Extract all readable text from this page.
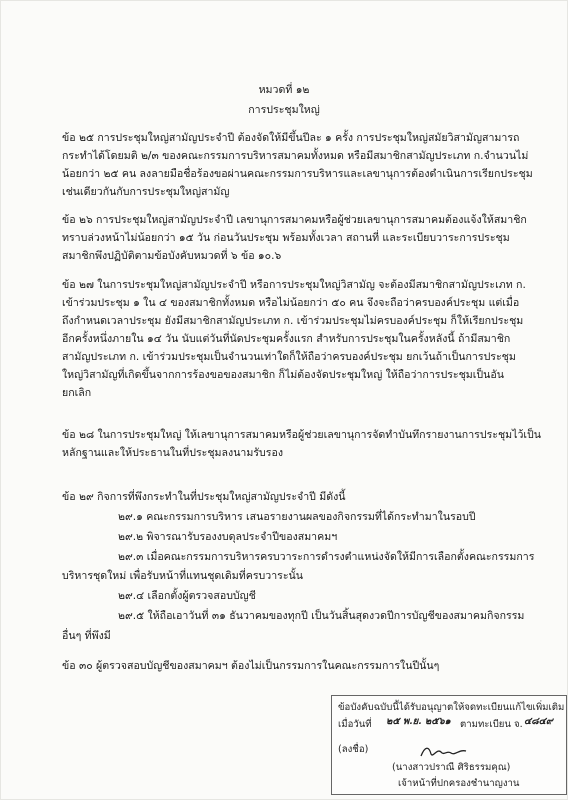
หมวดที่ ๑๒
การประชุมใหญ่
ข้อ ๒๕ การประชุมใหญ่สามัญประจำปี ต้องจัดให้มีขึ้นปีละ ๑ ครั้ง การประชุมใหญ่สมัยวิสามัญสามารถ
กระทำได้โดยมติ ๒/๓ ของคณะกรรมการบริหารสมาคมทั้งหมด หรือมีสมาชิกสามัญประเภท ก.จำนวนไม่
น้อยกว่า ๒๕ คน ลงลายมือชื่อร้องขอผ่านคณะกรรมการบริหารและเลขานุการต้องดำเนินการเรียกประชุม
เช่นเดียวกันกับการประชุมใหญ่สามัญ
ข้อ ๒๖ การประชุมใหญ่สามัญประจำปี เลขานุการสมาคมหรือผู้ช่วยเลขานุการสมาคมต้องแจ้งให้สมาชิก
ทราบล่วงหน้าไม่น้อยกว่า ๑๕ วัน ก่อนวันประชุม พร้อมทั้งเวลา สถานที่ และระเบียบวาระการประชุม
สมาชิกพึงปฏิบัติตามข้อบังคับหมวดที่ ๖ ข้อ ๑๐.๖
ข้อ ๒๗ ในการประชุมใหญ่สามัญประจำปี หรือการประชุมใหญ่วิสามัญ จะต้องมีสมาชิกสามัญประเภท ก.
เข้าร่วมประชุม ๑ ใน ๔ ของสมาชิกทั้งหมด หรือไม่น้อยกว่า ๕๐ คน จึงจะถือว่าครบองค์ประชุม แต่เมื่อ
ถึงกำหนดเวลาประชุม ยังมีสมาชิกสามัญประเภท ก. เข้าร่วมประชุมไม่ครบองค์ประชุม ก็ให้เรียกประชุม
อีกครั้งหนึ่งภายใน ๑๔ วัน นับแต่วันที่นัดประชุมครั้งแรก สำหรับการประชุมในครั้งหลังนี้ ถ้ามีสมาชิก
สามัญประเภท ก. เข้าร่วมประชุมเป็นจำนวนเท่าใดก็ให้ถือว่าครบองค์ประชุม ยกเว้นถ้าเป็นการประชุม
ใหญ่วิสามัญที่เกิดขึ้นจากการร้องขอของสมาชิก ก็ไม่ต้องจัดประชุมใหญ่ ให้ถือว่าการประชุมเป็นอัน
ยกเลิก
ข้อ ๒๘ ในการประชุมใหญ่ ให้เลขานุการสมาคมหรือผู้ช่วยเลขานุการจัดทำบันทึกรายงานการประชุมไว้เป็น
หลักฐานและให้ประธานในที่ประชุมลงนามรับรอง
ข้อ ๒๙ กิจการที่พึงกระทำในที่ประชุมใหญ่สามัญประจำปี มีดังนี้
๒๙.๑ คณะกรรมการบริหาร เสนอรายงานผลของกิจกรรมที่ได้กระทำมาในรอบปี
๒๙.๒ พิจารณารับรองงบดุลประจำปีของสมาคมฯ
๒๙.๓ เมื่อคณะกรรมการบริหารครบวาระการดำรงตำแหน่งจัดให้มีการเลือกตั้งคณะกรรมการ
บริหารชุดใหม่ เพื่อรับหน้าที่แทนชุดเดิมที่ครบวาระนั้น
๒๙.๔ เลือกตั้งผู้ตรวจสอบบัญชี
๒๙.๕ ให้ถือเอาวันที่ ๓๑ ธันวาคมของทุกปี เป็นวันสิ้นสุดงวดปีการบัญชีของสมาคมกิจกรรม
อื่นๆ ที่พึงมี
ข้อ ๓๐ ผู้ตรวจสอบบัญชีของสมาคมฯ ต้องไม่เป็นกรรมการในคณะกรรมการในปีนั้นๆ
ข้อบังคับฉบับนี้ได้รับอนุญาตให้จดทะเบียนแก้ไขเพิ่มเติม
เมื่อวันที่ ๒๕ พ.ย. ๒๕๖๑ ตามทะเบียน จ. ๔๘๔๙
(ลงชื่อ)
(นางสาวปราณี ศิริธรรมคุณ)
เจ้าหน้าที่ปกครองชำนาญงาน
